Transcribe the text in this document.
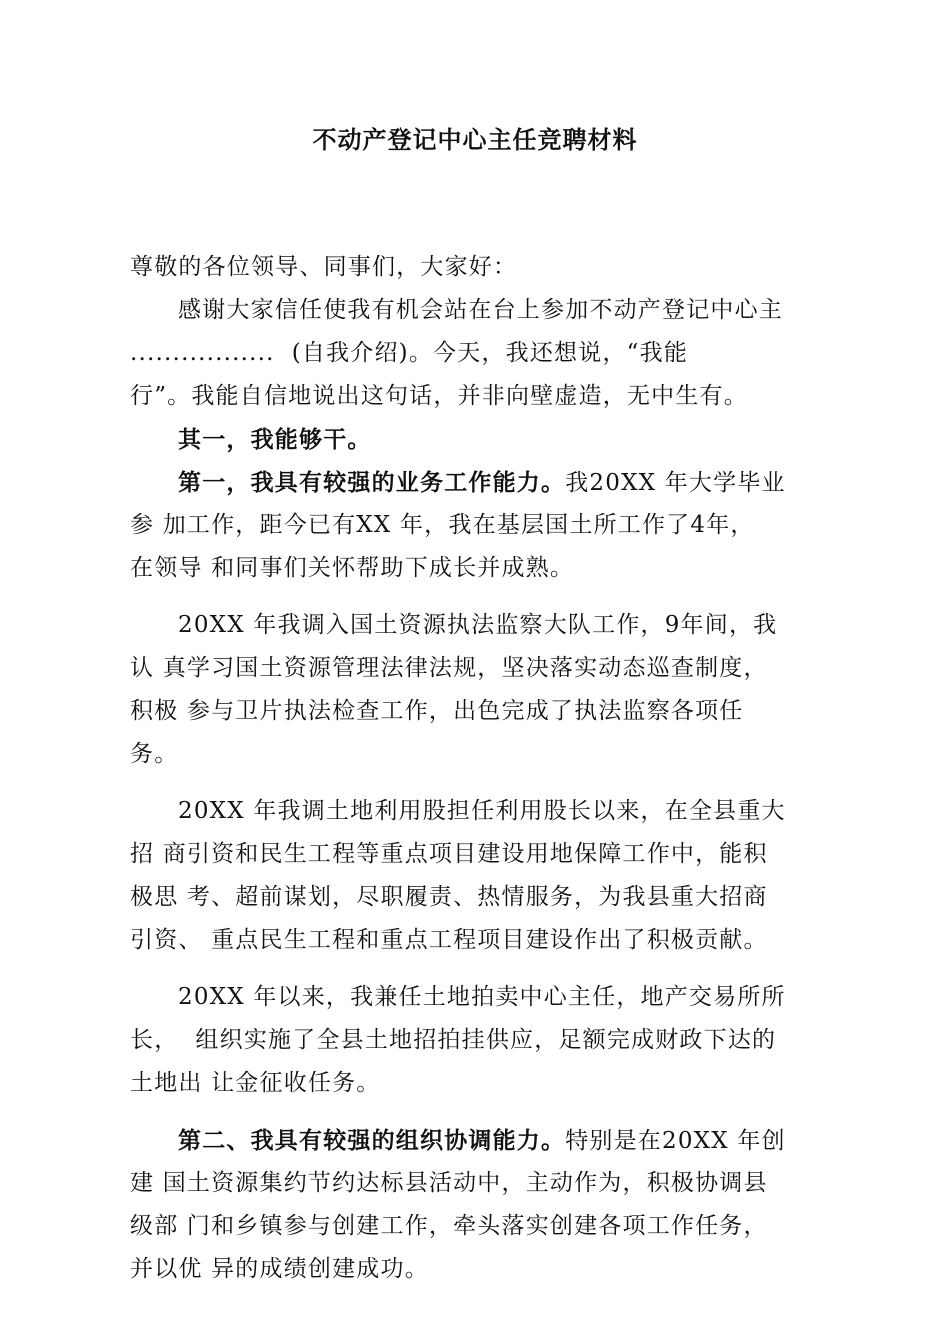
不动产登记中心主任竞聘材料

尊敬的各位领导、同事们，大家好：

感谢大家信任使我有机会站在台上参加不动产登记中心主

.................  (自我介绍)。今天，我还想说，“我能

行”。我能自信地说出这句话，并非向壁虚造，无中生有。

其一，我能够干。

第一，我具有较强的业务工作能力。我20XX 年大学毕业

参 加工作，距今已有XX 年，我在基层国土所工作了4年，

在领导 和同事们关怀帮助下成长并成熟。

20XX 年我调入国土资源执法监察大队工作，9年间，我

认 真学习国土资源管理法律法规，坚决落实动态巡查制度，

积极 参与卫片执法检查工作，出色完成了执法监察各项任

务。

20XX 年我调土地利用股担任利用股长以来，在全县重大

招 商引资和民生工程等重点项目建设用地保障工作中，能积

极思 考、超前谋划，尽职履责、热情服务，为我县重大招商

引资、 重点民生工程和重点工程项目建设作出了积极贡献。

20XX 年以来，我兼任土地拍卖中心主任，地产交易所所

长，  组织实施了全县土地招拍挂供应，足额完成财政下达的

土地出 让金征收任务。

第二、我具有较强的组织协调能力。特别是在20XX 年创

建 国土资源集约节约达标县活动中，主动作为，积极协调县

级部 门和乡镇参与创建工作，牵头落实创建各项工作任务，

并以优 异的成绩创建成功。
